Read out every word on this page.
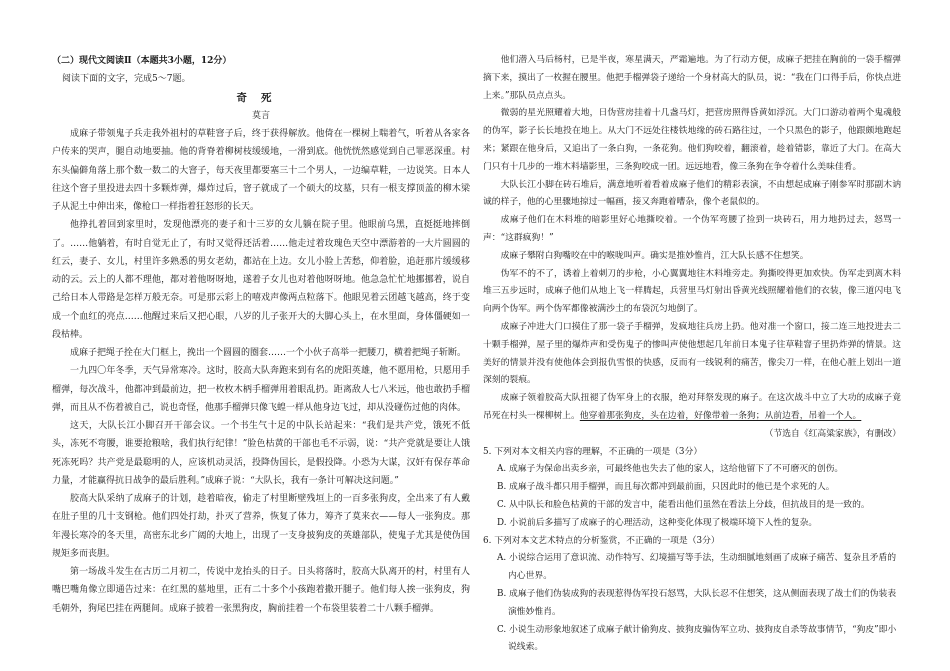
（二）现代文阅读Ⅱ（本题共3小题，12分）

阅读下面的文字，完成5～7题。

奇死

莫言

成麻子带领鬼子兵走我外祖村的草鞋窨子后，终于获得解放。他倚在一棵树上喘着气，听着从各家各户传来的哭声，腿自动地要抽。他的背脊着柳树枝缓缓地，一滑到底。他恍恍然感觉到自己罪恶深重。村东头偏僻角落上那个数一数二的大窨子，每天夜里都要塞三十二个男人，一边编草鞋，一边说笑。日本人往这个窨子里投进去四十多颗炸弹，爆炸过后，窨子就成了一个硕大的坟墓，只有一根支撑顶盖的柳木梁子从泥土中伸出来，像枪口一样指着狂怒形的长天。

他挣扎着回到家里时，发现他漂亮的妻子和十三岁的女儿躺在院子里。他眼前乌黑，直挺挺地摔倒了。……他躺着，有时自觉无止了，有时又觉得还活着……他走过着玫瑰色天空中漂游着的一大片圆圆的红云，妻子、女儿，村里许多熟悉的男女老幼，都站在上边。女儿小脸上苦愁，仰着脸，追赶那片缓缓移动的云。云上的人都不理他，都对着他呀呀地，遂着子女儿也对着他呀呀地。他急急忙忙地挪挪着，说自己给日本人带路是怎样万般无奈。可是那云彩上的嘻戏声像两点粒落下。他眼见着云团越飞越高，终于变成一个血红的亮点……他醒过来后又把心眼，八岁的儿子张开大的大脚心头上，在水里面，身体僵硬如一段枯棒。

成麻子把绳子拴在大门框上，挽出一个圆圆的圈套……一个小伙子高举一把腰刀，横着把绳子斩断。

一九四〇年冬季，天气异常寒冷。这时，胶高大队奔跑来到有名的虎阳英雄，他不愿用枪，只愿用手榴弹，每次战斗，他都冲到最前边，把一枚枚木柄手榴弹用着眼乱扔。距离敌人七八米远，他也敢扔手榴弹，而且从不伤着被自己，说也奇怪，他那手榴弹只像飞蝗一样从他身边飞过，却从没碰伤过他的肉体。

这天，大队长江小脚召开干部会议。一个书生气十足的中队长站起来：“我们是共产党，饿死不低头，冻死不弯腰，谁要抢粮啥，我们执行纪律！”脸色枯黄的干部也毛不示弱，说：“共产党就是要让人饿死冻死吗？共产党是最聪明的人，应该机动灵活，投降伪国长，是假投降。小恐为大谋，汉奸有保存革命力量，才能赢得抗日战争的最后胜利。”成麻子说：“大队长，我有一条计可解决这问题。”

胶高大队采纳了成麻子的计划，趁着暗夜，偷走了村里断壁残垣上的一百多张狗皮，全出来了有人戴在肚子里的几十支钢枪。他们四处打劫，扑灭了营养，恢复了体力，筹齐了莫来衣——每人一张狗皮。那年漫长寒冷的冬天里，高密东北乡广阔的大地上，出现了一支身披狗皮的英雄部队，使鬼子尤其是使伪国规矩多而丧胆。

第一场战斗发生在古历二月初二，传说中龙抬头的日子。日头将落时，胶高大队离开的村，村里有人嘴巴嘴角像立即通告过来：在红黑的墓地里，正有二十多个小孩跑着撒开腿子。他们每人挨一张狗皮，狗毛朝外，狗尾巴挂在两腿间。成麻子披着一张黑狗皮，胸前挂着一个布袋里装着二十八颗手榴弹。

他们潜入马后杨村，已是半夜，寒星满天，严霜遍地。为了行动方便，成麻子把挂在胸前的一袋手榴弹摘下来，摸出了一枚握在腰里。他把手榴弹袋子递给一个身材高大的队员，说：“我在门口得手后，你快点进上来。”那队员点点头。

微弱的星光照耀着大地，日伪营房挂着十几盏马灯，把营房照得昏黄如浮沉。大门口游动着两个鬼魂般的伪军，影子长长地投在地上。从大门不远处往楼铁地缘的砖石路往过，一个只黑色的影子，他跟颇地跑起来；紧跟在他身后，又追出了一条白狗，一条花狗。他们狗咬着，翻滚着，趁着错影，靠近了大门。在高大门只有十几步的一堆木料墙影里，三条狗咬成一团。远远地看，像三条狗在争夺着什么美味佳肴。

大队长江小脚在砖石堆后，满意地听着看着成麻子他们的精彩表演，不由想起成麻子刚参军时那副木讷诚的样子，他的心里骤地掠过一幅画，接又奔跑着嘈杂，像个老鼠似的。

成麻子他们在木料堆的暗影里好心地撕咬着。一个伪军弯腰了捡到一块砖石，用力地扔过去，怒骂一声：“这群疯狗！”

成麻子攀附白狗嘴咬在中的喉咙叫声。确实是推妙惟肖，江大队长感不住想笑。

伪军不的不了，诱着上着刺刀的步枪，小心翼翼地往木料堆旁走。狗撕咬得更加欢快。伪军走到离木料堆三五步远时，成麻子他们从地上飞一样腾起，兵营里马灯射出昏黄光线照耀着他们的衣装，像三道闪电飞向两个伪军。两个伪军都像被满沙土的布袋沉匀地倒了。

成麻子冲进大门口摸住了那一袋子手榴弹，发疯地往兵房上扔。他对准一个窗口，接二连三地投进去二十颗手榴弹，屋子里的爆炸声和受伤鬼子的惨叫声使他想起几年前日本鬼子往草鞋窨子里扔炸弹的情景。这美好的情景并没有使他体会到报仇雪恨的快感，反而有一线锐利的痛苦，像尖刀一样，在他心脏上划出一道深刻的裂痕。

成麻子领着胶高大队扭褪了伪军身上的衣服，绝对拜祭发现的麻子。在这次战斗中立了大功的成麻子竟吊死在村头一棵柳树上。他穿着那张狗皮，头在边着，好像带着一条狗；从前边看，吊着一个人。

（节选自《红高粱家族》，有删改）

5. 下列对本文相关内容的理解，不正确的一项是（3分）

A. 成麻子为保命出卖乡亲，可最终他也失去了他的家人，这给他留下了不可磨灭的创伤。

B. 成麻子战斗都只用手榴弹，而且每次都冲到最前面，只因此时的他已是个求死的人。

C. 从中队长和脸色枯黄的干部的发言中，能看出他们虽然在看法上分歧，但抗战目的是一致的。

D. 小说前后多描写了成麻子的心理活动，这种变化体现了极端环境下人性的复杂。

6. 下列对本文艺术特点的分析鉴赏，不正确的一项是（3分）

A. 小说综合运用了意识流、动作特写、幻境描写等手法，生动细腻地刻画了成麻子痛苦、复杂且矛盾的内心世界。

B. 成麻子他们伪装成狗的表现惹得伪军投石怒骂，大队长忍不住想笑，这从侧面表现了战士们的伪装表演惟妙惟肖。

C. 小说生动形象地叙述了成麻子献计偷狗皮、披狗皮骗伪军立功、披狗皮自杀等故事情节，“狗皮”即小说线索。
